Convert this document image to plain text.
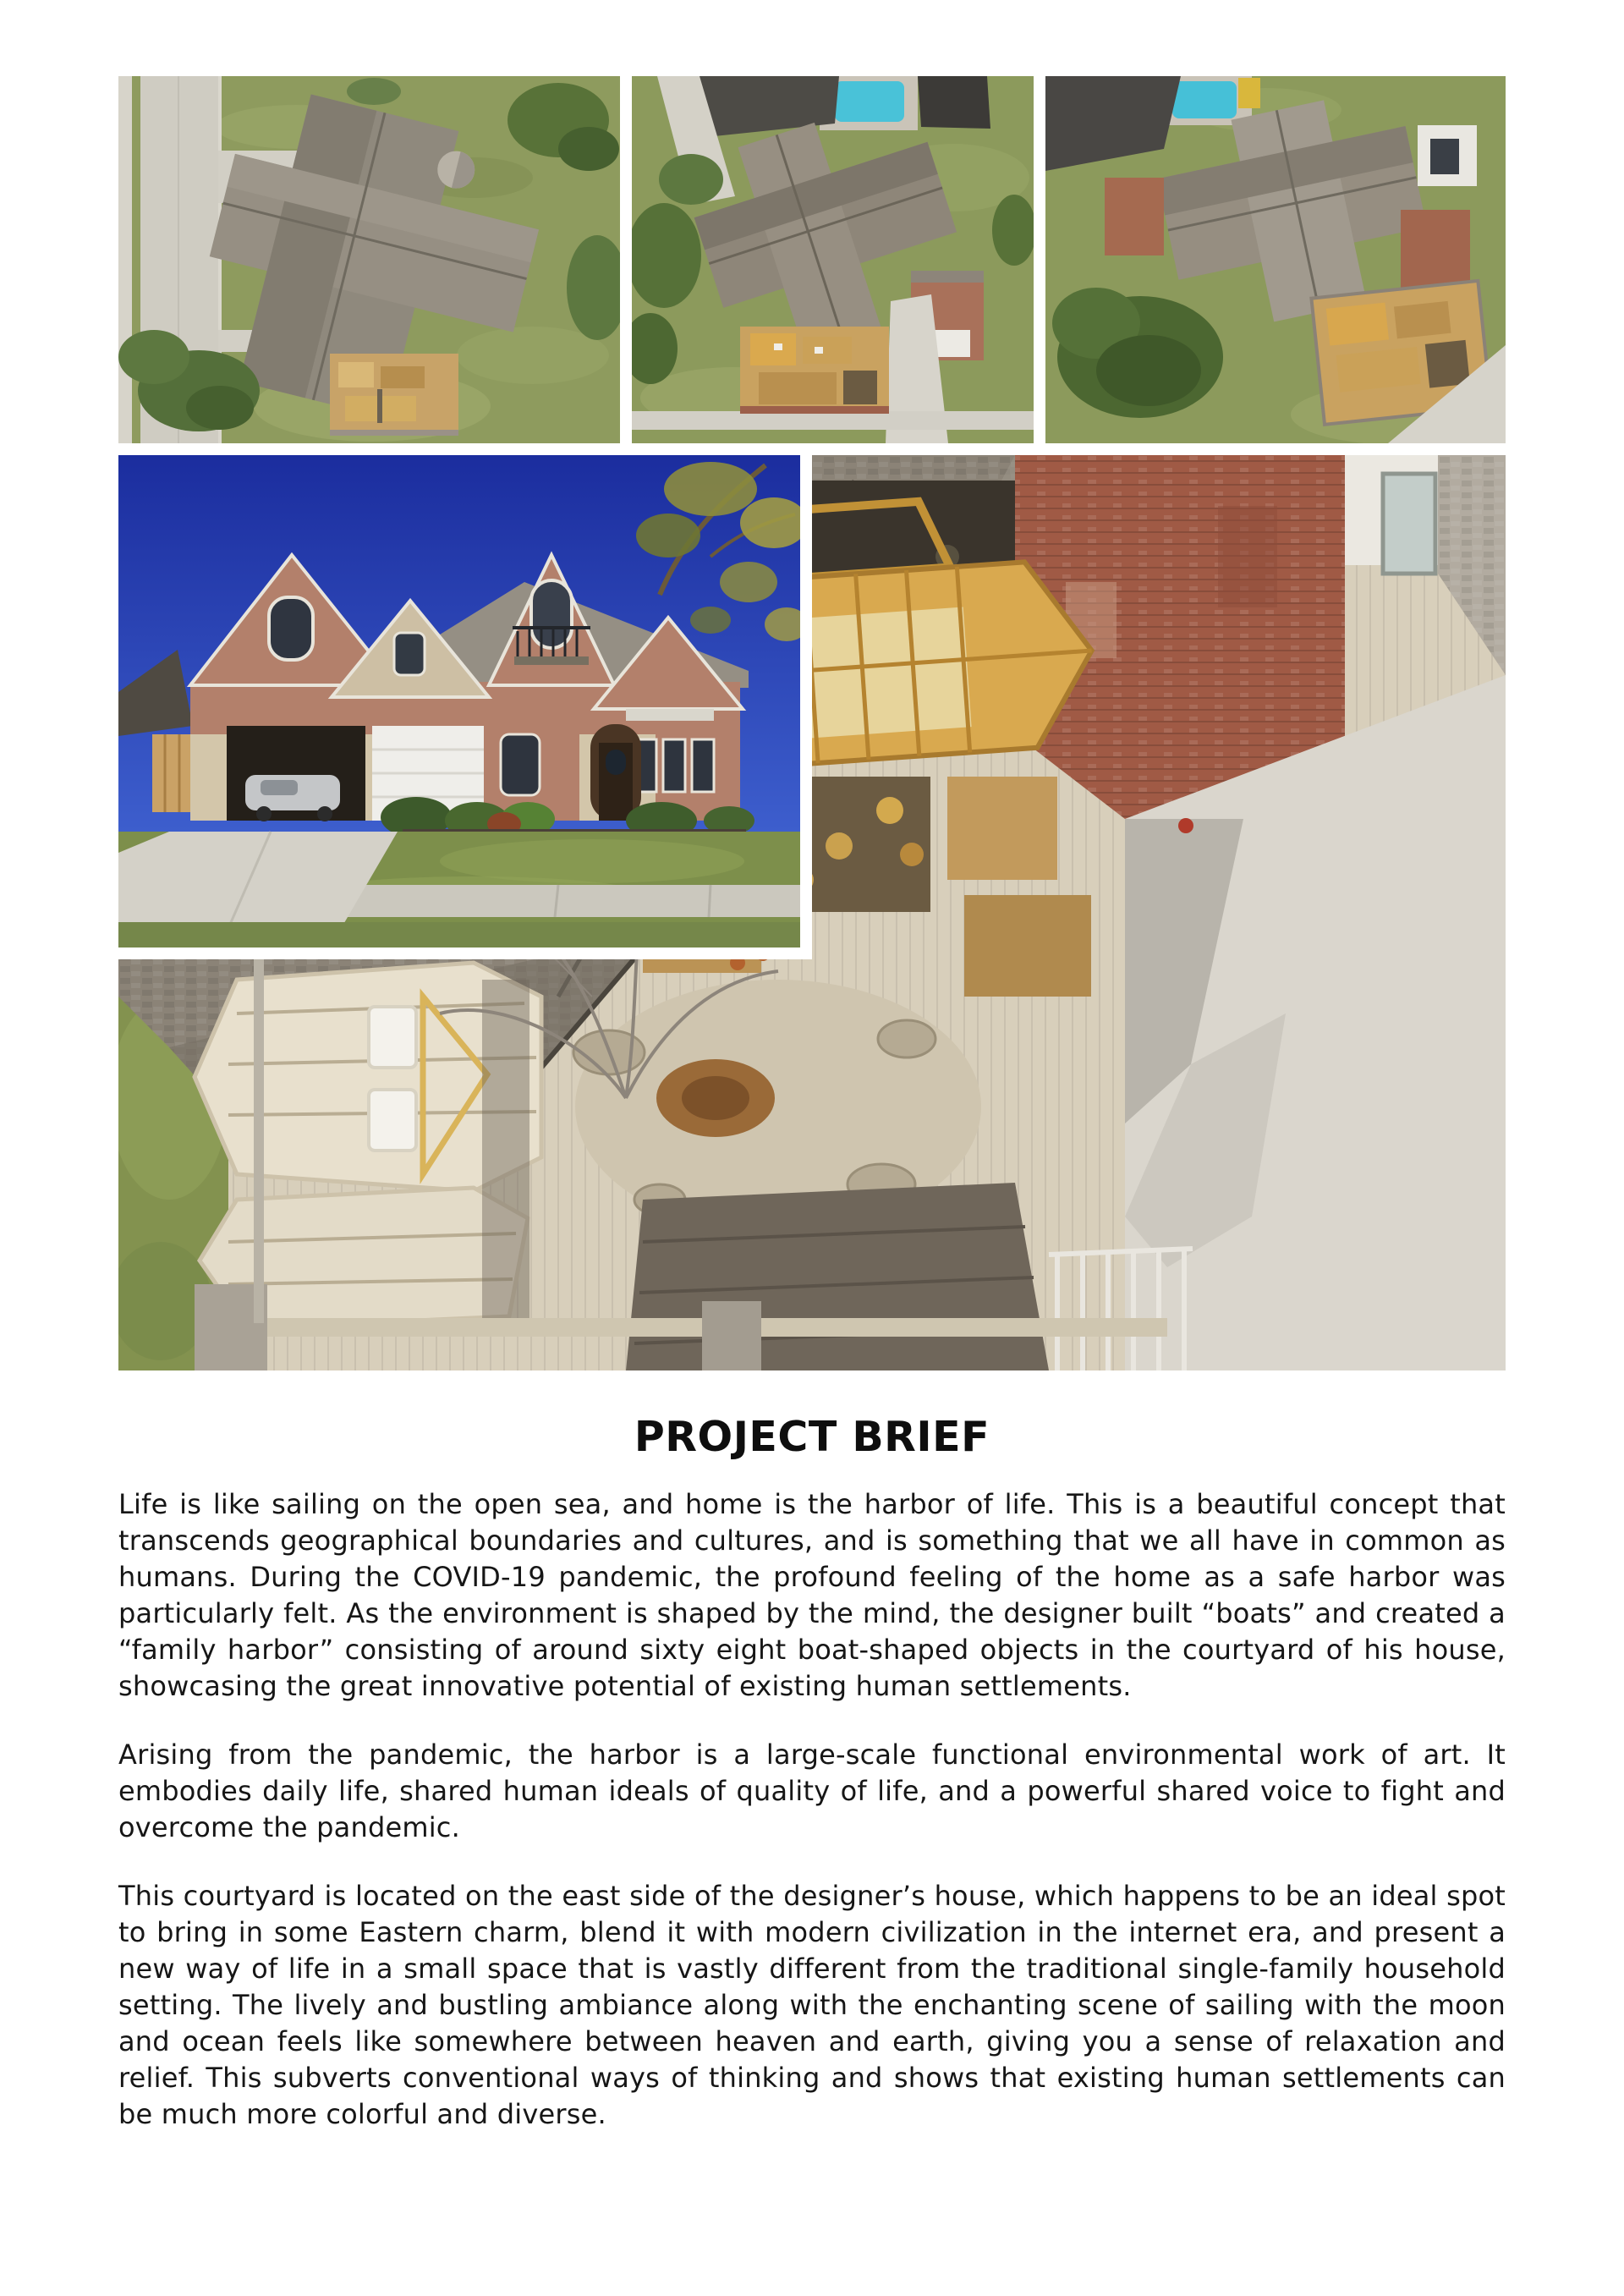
PROJECT BRIEF

Life is like sailing on the open sea, and home is the harbor of life. This is a beautiful concept that transcends geographical boundaries and cultures, and is something that we all have in common as humans. During the COVID-19 pandemic, the profound feeling of the home as a safe harbor was particularly felt. As the environment is shaped by the mind, the designer built “boats” and created a “family harbor” consisting of around sixty eight boat-shaped objects in the courtyard of his house, showcasing the great innovative potential of existing human settlements.

Arising from the pandemic, the harbor is a large-scale functional environmental work of art. It embodies daily life, shared human ideals of quality of life, and a powerful shared voice to fight and overcome the pandemic.

This courtyard is located on the east side of the designer’s house, which happens to be an ideal spot to bring in some Eastern charm, blend it with modern civilization in the internet era, and present a new way of life in a small space that is vastly different from the traditional single-family household setting. The lively and bustling ambiance along with the enchanting scene of sailing with the moon and ocean feels like somewhere between heaven and earth, giving you a sense of relaxation and relief. This subverts conventional ways of thinking and shows that existing human settlements can be much more colorful and diverse.
